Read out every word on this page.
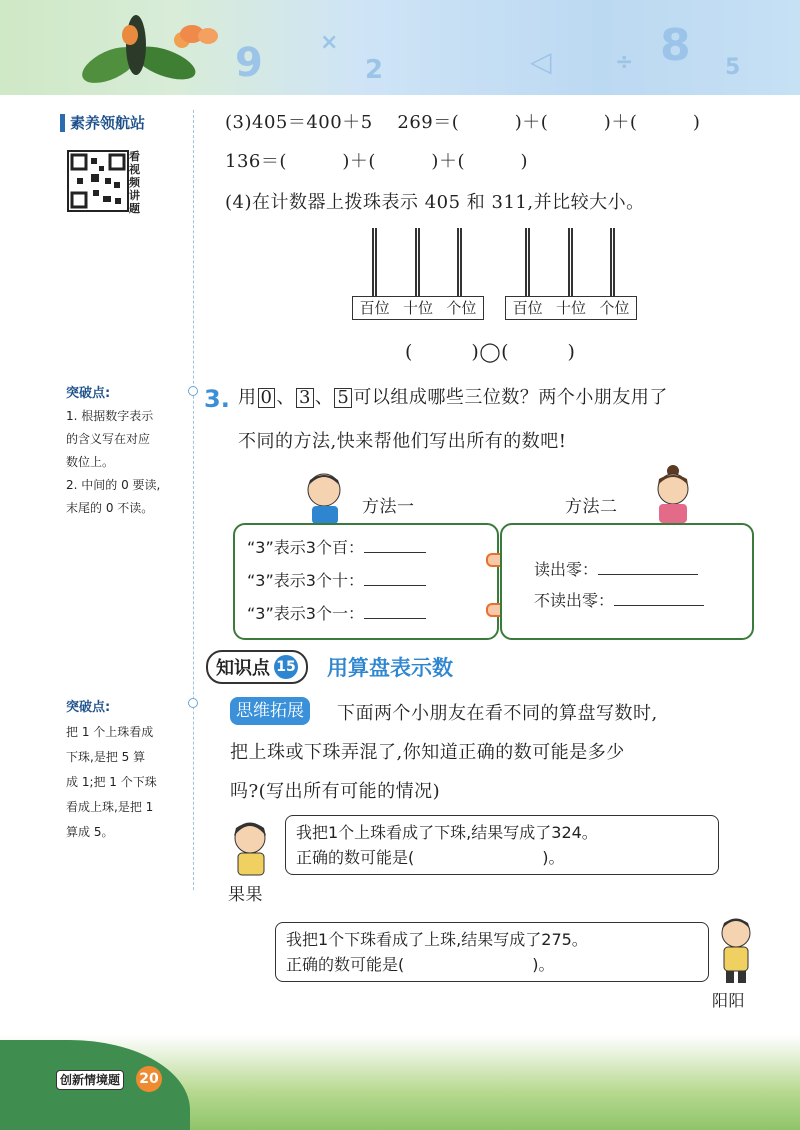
9	2
×
◁	÷ 8 5
素养领航站
看视频讲题
突破点:
1. 根据数字表示
的含义写在对应
数位上。
2. 中间的 0 要读,
末尾的 0 不读。
突破点:
把 1 个上珠看成
下珠,是把 5 算
成 1;把 1 个下珠
看成上珠,是把 1
算成 5。
(3)405＝400＋5　 269＝(　　　)＋(　　　)＋(　　　)
136＝(　　　)＋(　　　)＋(　　　)
(4)在计数器上拨珠表示 405 和 311,并比较大小。
百位 十位 个位	百位 十位 个位
(　　　)◯(　　　)
3. 用 0 、 3 、 5 可以组成哪些三位数？两个小朋友用了
不同的方法,快来帮他们写出所有的数吧!
方法一	方法二
“3”表示3个百：
“3”表示3个十：
“3”表示3个一：
读出零：
不读出零：
知识点 15 用算盘表示数
思维拓展	下面两个小朋友在看不同的算盘写数时,
把上珠或下珠弄混了,你知道正确的数可能是多少
吗?(写出所有可能的情况)
果果
我把1个上珠看成了下珠,结果写成了324。
正确的数可能是(　　　　　　　　)。
我把1个下珠看成了上珠,结果写成了275。
正确的数可能是(　　　　　　　　)。
阳阳
创新情境题 20
